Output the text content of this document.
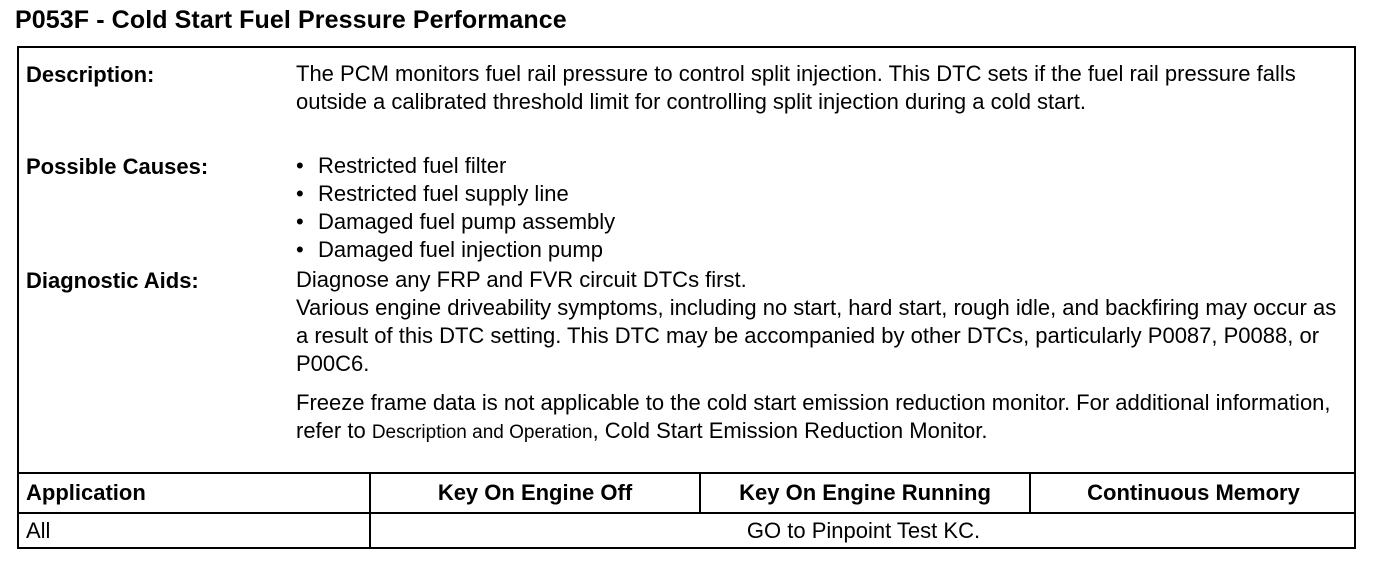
P053F - Cold Start Fuel Pressure Performance
Description:	The PCM monitors fuel rail pressure to control split injection. This DTC sets if the fuel rail pressure falls outside a calibrated threshold limit for controlling split injection during a cold start.
Possible Causes:	• Restricted fuel filter
• Restricted fuel supply line
• Damaged fuel pump assembly
• Damaged fuel injection pump
Diagnostic Aids:	Diagnose any FRP and FVR circuit DTCs first.
Various engine driveability symptoms, including no start, hard start, rough idle, and backfiring may occur as a result of this DTC setting. This DTC may be accompanied by other DTCs, particularly P0087, P0088, or P00C6.
Freeze frame data is not applicable to the cold start emission reduction monitor. For additional information, refer to Description and Operation, Cold Start Emission Reduction Monitor.
Application	Key On Engine Off	Key On Engine Running	Continuous Memory
All	GO to Pinpoint Test KC.
